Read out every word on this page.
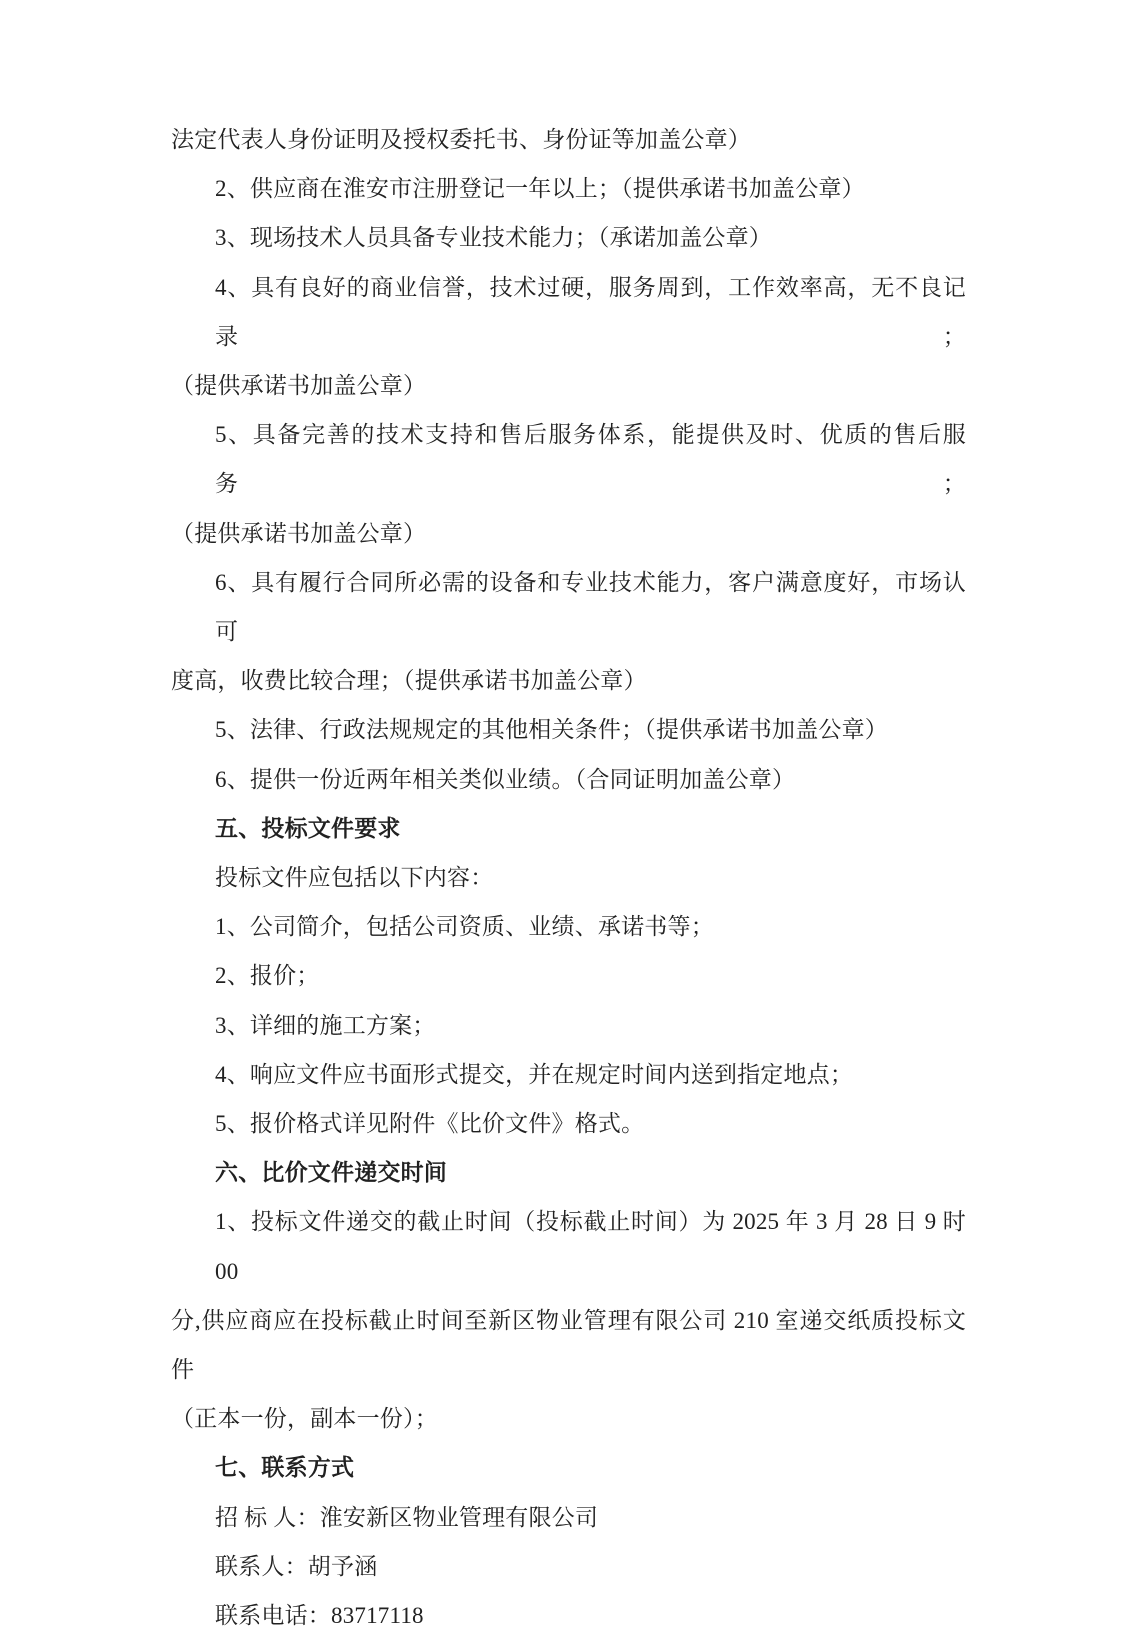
法定代表人身份证明及授权委托书、身份证等加盖公章）
2、供应商在淮安市注册登记一年以上；（提供承诺书加盖公章）
3、现场技术人员具备专业技术能力；（承诺加盖公章）
4、具有良好的商业信誉，技术过硬，服务周到，工作效率高，无不良记录；
（提供承诺书加盖公章）
5、具备完善的技术支持和售后服务体系，能提供及时、优质的售后服务；
（提供承诺书加盖公章）
6、具有履行合同所必需的设备和专业技术能力，客户满意度好，市场认可
度高，收费比较合理；（提供承诺书加盖公章）
5、法律、行政法规规定的其他相关条件；（提供承诺书加盖公章）
6、提供一份近两年相关类似业绩。（合同证明加盖公章）
五、投标文件要求
投标文件应包括以下内容：
1、公司简介，包括公司资质、业绩、承诺书等；
2、报价；
3、详细的施工方案；
4、响应文件应书面形式提交，并在规定时间内送到指定地点；
5、报价格式详见附件《比价文件》格式。
六、比价文件递交时间
1、投标文件递交的截止时间（投标截止时间）为 2025 年 3 月 28 日 9 时 00
分,供应商应在投标截止时间至新区物业管理有限公司 210 室递交纸质投标文件
（正本一份，副本一份）；
七、联系方式
招 标 人：淮安新区物业管理有限公司
联系人：胡予涵
联系电话：83717118
